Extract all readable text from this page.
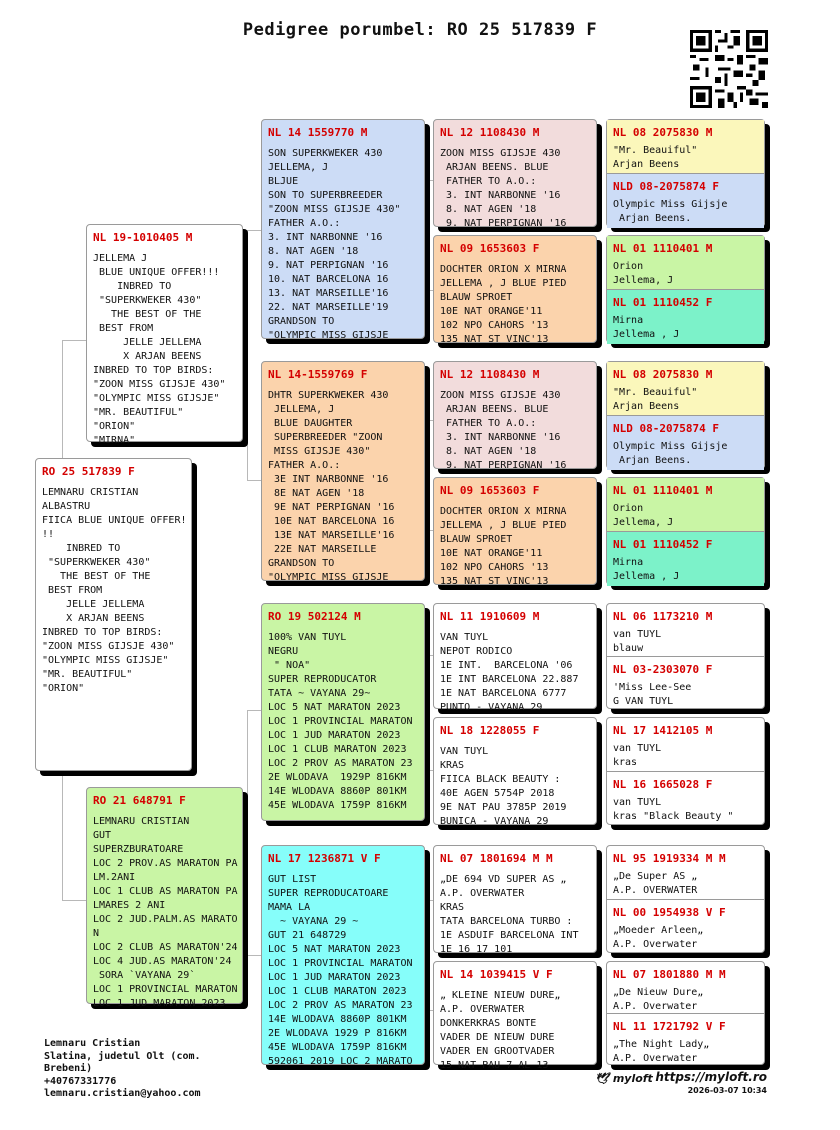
Pedigree porumbel: RO 25 517839 F
RO 25 517839 F
LEMNARU CRISTIAN
ALBASTRU
FIICA BLUE UNIQUE OFFER!
!!
INBRED TO
"SUPERKWEKER 430"
THE BEST OF THE
BEST FROM
JELLE JELLEMA
X ARJAN BEENS
INBRED TO TOP BIRDS:
"ZOON MISS GIJSJE 430"
"OLYMPIC MISS GIJSJE"
"MR. BEAUTIFUL"
"ORION"
NL 19-1010405 M
JELLEMA J
BLUE UNIQUE OFFER!!!
INBRED TO
"SUPERKWEKER 430"
THE BEST OF THE
BEST FROM
JELLE JELLEMA
X ARJAN BEENS
INBRED TO TOP BIRDS:
"ZOON MISS GIJSJE 430"
"OLYMPIC MISS GIJSJE"
"MR. BEAUTIFUL"
"ORION"
"MIRNA"
RO 21 648791 F
LEMNARU CRISTIAN
GUT
SUPERZBURATOARE
LOC 2 PROV.AS MARATON PA
LM.2ANI
LOC 1 CLUB AS MARATON PA
LMARES 2 ANI
LOC 2 JUD.PALM.AS MARATO
N
LOC 2 CLUB AS MARATON'24
LOC 4 JUD.AS MARATON'24
SORA `VAYANA 29`
LOC 1 PROVINCIAL MARATON
LOC 1 JUD MARATON 2023
NL 14 1559770 M
SON SUPERKWEKER 430
JELLEMA, J
BLJUE
SON TO SUPERBREEDER
"ZOON MISS GIJSJE 430"
FATHER A.O.:
3. INT NARBONNE '16
8. NAT AGEN '18
9. NAT PERPIGNAN '16
10. NAT BARCELONA 16
13. NAT MARSEILLE'16
22. NAT MARSEILLE'19
GRANDSON TO
"OLYMPIC MISS GIJSJE
NL 14-1559769 F
DHTR SUPERKWEKER 430
JELLEMA, J
BLUE DAUGHTER
SUPERBREEDER "ZOON
MISS GIJSJE 430"
FATHER A.O.:
3E INT NARBONNE '16
8E NAT AGEN '18
9E NAT PERPIGNAN '16
10E NAT BARCELONA 16
13E NAT MARSEILLE'16
22E NAT MARSEILLE
GRANDSON TO
"OLYMPIC MISS GIJSJE
RO 19 502124 M
100% VAN TUYL
NEGRU
" NOA"
SUPER REPRODUCATOR
TATA ~ VAYANA 29~
LOC 5 NAT MARATON 2023
LOC 1 PROVINCIAL MARATON
LOC 1 JUD MARATON 2023
LOC 1 CLUB MARATON 2023
LOC 2 PROV AS MARATON 23
2E WLODAVA  1929P 816KM
14E WLODAVA 8860P 801KM
45E WLODAVA 1759P 816KM
NL 17 1236871 V F
GUT LIST
SUPER REPRODUCATOARE
MAMA LA
~ VAYANA 29 ~
GUT 21 648729
LOC 5 NAT MARATON 2023
LOC 1 PROVINCIAL MARATON
LOC 1 JUD MARATON 2023
LOC 1 CLUB MARATON 2023
LOC 2 PROV AS MARATON 23
14E WLODAVA 8860P 801KM
2E WLODAVA 1929 P 816KM
45E WLODAVA 1759P 816KM
592061 2019 LOC 2 MARATO
NL 12 1108430 M
ZOON MISS GIJSJE 430
ARJAN BEENS. BLUE
FATHER TO A.O.:
3. INT NARBONNE '16
8. NAT AGEN '18
9. NAT PERPIGNAN '16
NL 09 1653603 F
DOCHTER ORION X MIRNA
JELLEMA , J BLUE PIED
BLAUW SPROET
10E NAT ORANGE'11
102 NPO CAHORS '13
135 NAT ST VINC'13
NL 12 1108430 M
ZOON MISS GIJSJE 430
ARJAN BEENS. BLUE
FATHER TO A.O.:
3. INT NARBONNE '16
8. NAT AGEN '18
9. NAT PERPIGNAN '16
NL 09 1653603 F
DOCHTER ORION X MIRNA
JELLEMA , J BLUE PIED
BLAUW SPROET
10E NAT ORANGE'11
102 NPO CAHORS '13
135 NAT ST VINC'13
NL 11 1910609 M
VAN TUYL
NEPOT RODICO
1E INT.  BARCELONA '06
1E INT BARCELONA 22.887
1E NAT BARCELONA 6777
PUNTO - VAYANA 29
NL 18 1228055 F
VAN TUYL
KRAS
FIICA BLACK BEAUTY :
40E AGEN 5754P 2018
9E NAT PAU 3785P 2019
BUNICA - VAYANA 29
NL 07 1801694 M M
„DE 694 VD SUPER AS „
A.P. OVERWATER
KRAS
TATA BARCELONA TURBO :
1E ASDUIF BARCELONA INT
1E 16 17 101
NL 14 1039415 V F
„ KLEINE NIEUW DURE„
A.P. OVERWATER
DONKERKRAS BONTE
VADER DE NIEUW DURE
VADER EN GROOTVADER
15 NAT PAU 7 AL 13
NL 08 2075830 M
"Mr. Beauiful"
Arjan Beens
NLD 08-2075874 F
Olympic Miss Gijsje
Arjan Beens.
NL 01 1110401 M
Orion
Jellema, J
NL 01 1110452 F
Mirna
Jellema , J
NL 08 2075830 M
"Mr. Beauiful"
Arjan Beens
NLD 08-2075874 F
Olympic Miss Gijsje
Arjan Beens.
NL 01 1110401 M
Orion
Jellema, J
NL 01 1110452 F
Mirna
Jellema , J
NL 06 1173210 M
van TUYL
blauw
NL 03-2303070 F
'Miss Lee-See
G VAN TUYL
NL 17 1412105 M
van TUYL
kras
NL 16 1665028 F
van TUYL
kras "Black Beauty "
NL 95 1919334 M M
„De Super AS „
A.P. OVERWATER
NL 00 1954938 V F
„Moeder Arleen„
A.P. Overwater
NL 07 1801880 M M
„De Nieuw Dure„
A.P. Overwater
NL 11 1721792 V F
„The Night Lady„
A.P. Overwater
Lemnaru Cristian
Slatina, judetul Olt (com.
Brebeni)
+40767331776
lemnaru.cristian@yahoo.com
🕊 myloft https://myloft.ro
2026-03-07 10:34
